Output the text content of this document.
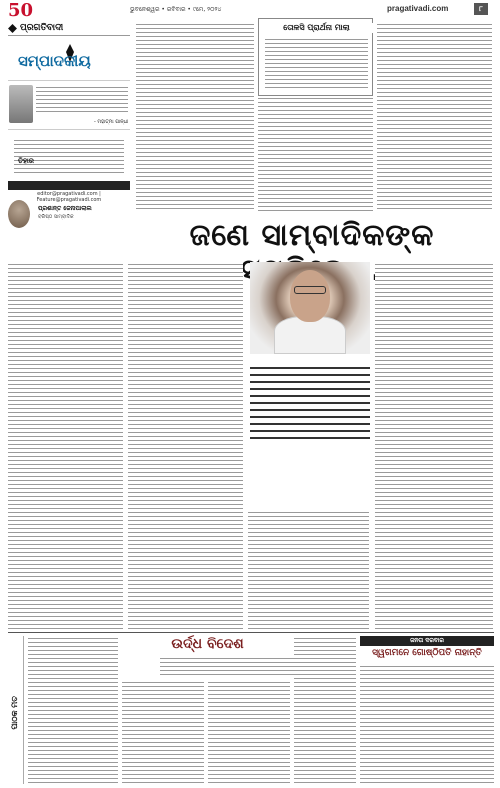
50	ଭୁବନେଶ୍ୱର • ରବିବାର • ୯ମେ, ୨୦୨୪	pragativadi.com	୮
ପ୍ରଗତିବାଦୀ
ସମ୍ପାଦକୀୟ
- ମହାତ୍ମା ଗାନ୍ଧୀ
ତିହାର
editor@pragativadi.com | Feature@pragativadi.com
ପ୍ରଶାନ୍ତ ଜେନାପାଲାଲ
ବରିଷ୍ଠ ସାମ୍ବାଦିକ
ତୋଳସି ପ୍ରାର୍ଥନା ମାଲା
ଜଣେ ସାମ୍ବାଦିକଙ୍କ
ପାଠକ ମତ
ଉର୍ଦ୍ଧ ବିଦେଶ	ଜନତା ଦରବାର
ସ୍ୱଗମନେ ଗୋଷ୍ଠିପତି ନାହାନ୍ତି
